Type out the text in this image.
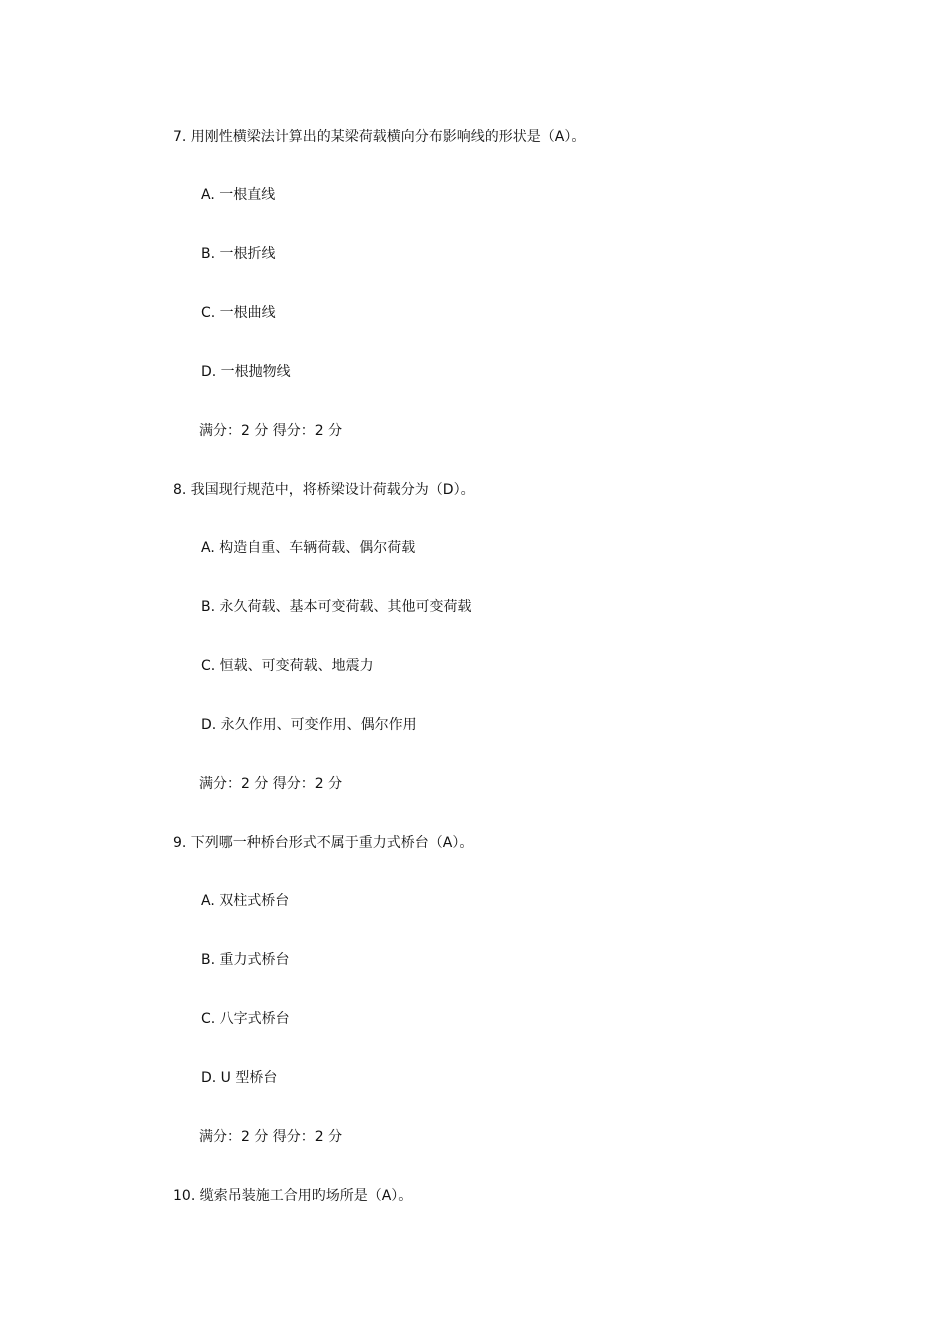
7. 用刚性横梁法计算出的某梁荷载横向分布影响线的形状是（A）。
A. 一根直线
B. 一根折线
C. 一根曲线
D. 一根抛物线
满分：2 分 得分：2 分
8. 我国现行规范中，将桥梁设计荷载分为（D）。
A. 构造自重、车辆荷载、偶尔荷载
B. 永久荷载、基本可变荷载、其他可变荷载
C. 恒载、可变荷载、地震力
D. 永久作用、可变作用、偶尔作用
满分：2 分 得分：2 分
9. 下列哪一种桥台形式不属于重力式桥台（A）。
A. 双柱式桥台
B. 重力式桥台
C. 八字式桥台
D. U 型桥台
满分：2 分 得分：2 分
10. 缆索吊装施工合用旳场所是（A）。
